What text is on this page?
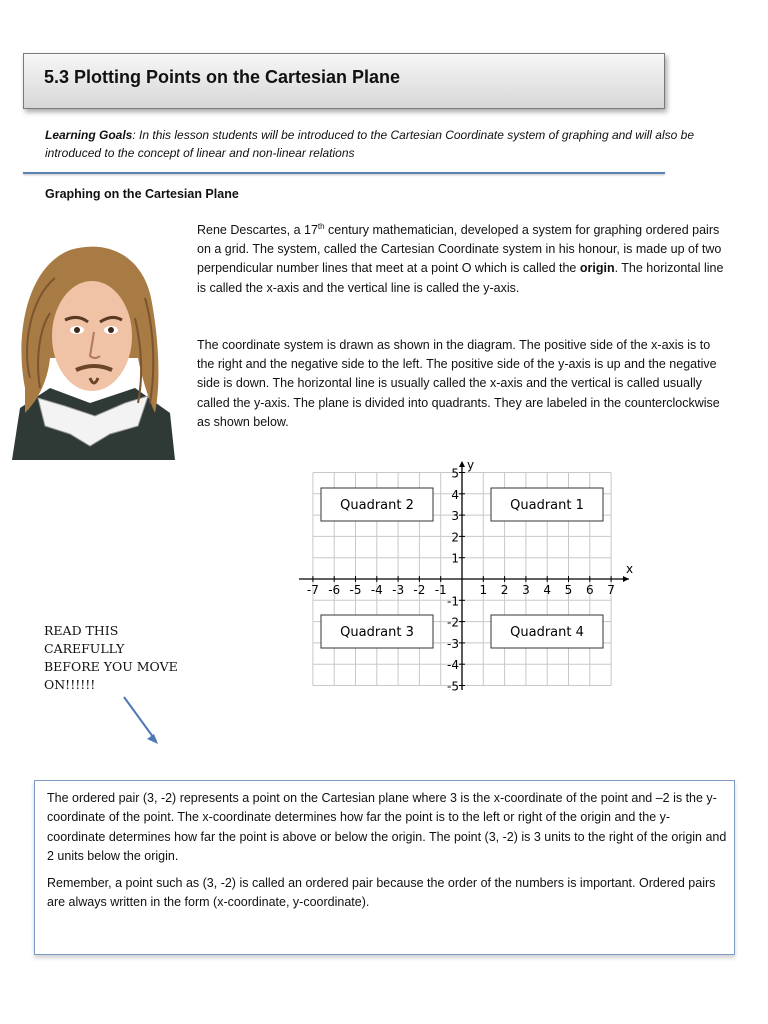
5.3 Plotting Points on the Cartesian Plane
Learning Goals: In this lesson students will be introduced to the Cartesian Coordinate system of graphing and will also be introduced to the concept of linear and non-linear relations
Graphing on the Cartesian Plane
Rene Descartes, a 17th century mathematician, developed a system for graphing ordered pairs on a grid. The system, called the Cartesian Coordinate system in his honour, is made up of two perpendicular number lines that meet at a point O which is called the origin. The horizontal line is called the x-axis and the vertical line is called the y-axis.
The coordinate system is drawn as shown in the diagram. The positive side of the x-axis is to the right and the negative side to the left. The positive side of the y-axis is up and the negative side is down. The horizontal line is usually called the x-axis and the vertical is called usually called the y-axis. The plane is divided into quadrants. They are labeled in the counterclockwise as shown below.
x
y
-7 -6 -5 -4 -3 -2 -1	1 2 3 4 5 6 7
5
4
3
2
1
-1
-2
-3
-4
-5
Quadrant 2	Quadrant 1
Quadrant 3	Quadrant 4
READ THIS
CAREFULLY
BEFORE YOU MOVE
ON!!!!!!

The ordered pair (3, -2) represents a point on the Cartesian plane where 3 is the x-coordinate of the point and –2 is the y-coordinate of the point. The x-coordinate determines how far the point is to the left or right of the origin and the y-coordinate determines how far the point is above or below the origin. The point (3, -2) is 3 units to the right of the origin and 2 units below the origin.

Remember, a point such as (3, -2) is called an ordered pair because the order of the numbers is important. Ordered pairs are always written in the form (x-coordinate, y-coordinate).
